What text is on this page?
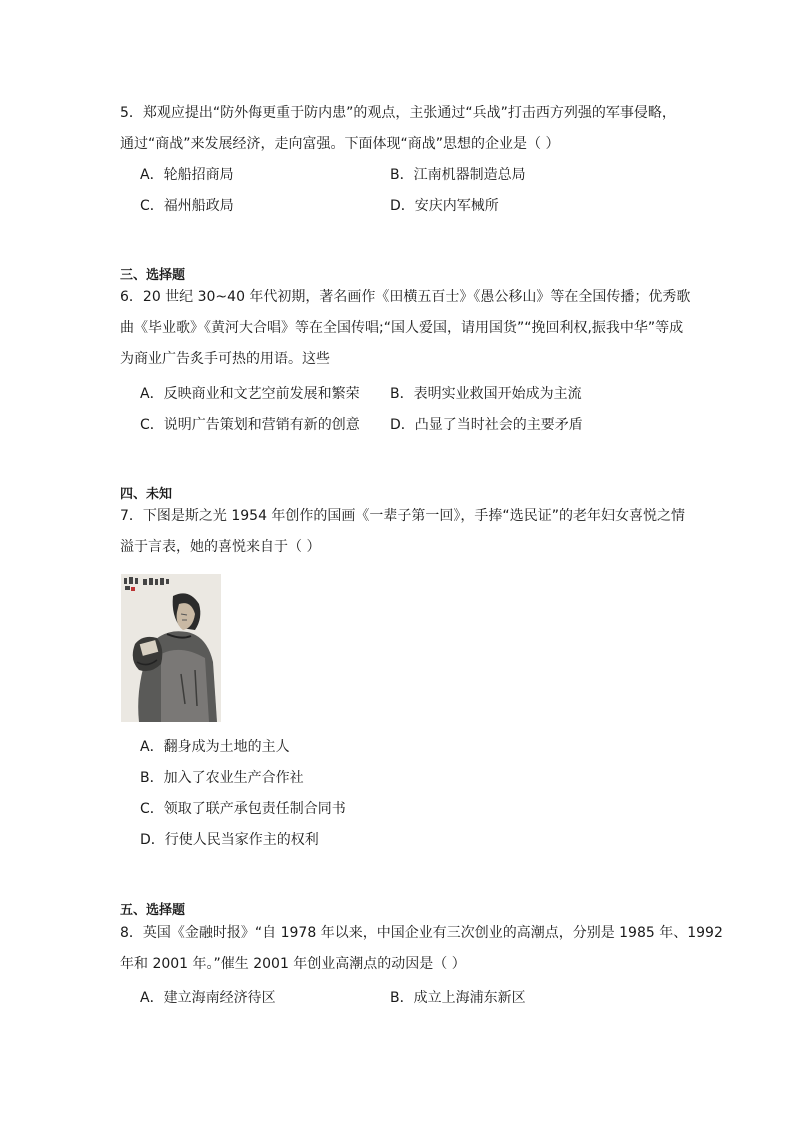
5．郑观应提出“防外侮更重于防内患”的观点，主张通过“兵战”打击西方列强的军事侵略，

通过“商战”来发展经济，走向富强。下面体现“商战”思想的企业是（ ）

A．轮船招商局	B．江南机器制造总局
C．福州船政局	D．安庆内军械所
三、选择题

6．20 世纪 30~40 年代初期，著名画作《田横五百士》《愚公移山》等在全国传播；优秀歌

曲《毕业歌》《黄河大合唱》等在全国传唱;“国人爱国，请用国货”“挽回利权,振我中华”等成

为商业广告炙手可热的用语。这些

A．反映商业和文艺空前发展和繁荣	B．表明实业救国开始成为主流
C．说明广告策划和营销有新的创意	D．凸显了当时社会的主要矛盾
四、未知

7．下图是斯之光 1954 年创作的国画《一辈子第一回》，手捧“选民证”的老年妇女喜悦之情

溢于言表，她的喜悦来自于（ ）

A．翻身成为土地的主人
B．加入了农业生产合作社
C．领取了联产承包责任制合同书
D．行使人民当家作主的权利
五、选择题

8．英国《金融时报》“自 1978 年以来，中国企业有三次创业的高潮点，分别是 1985 年、1992

年和 2001 年。”催生 2001 年创业高潮点的动因是（ ）

A．建立海南经济待区	B．成立上海浦东新区
